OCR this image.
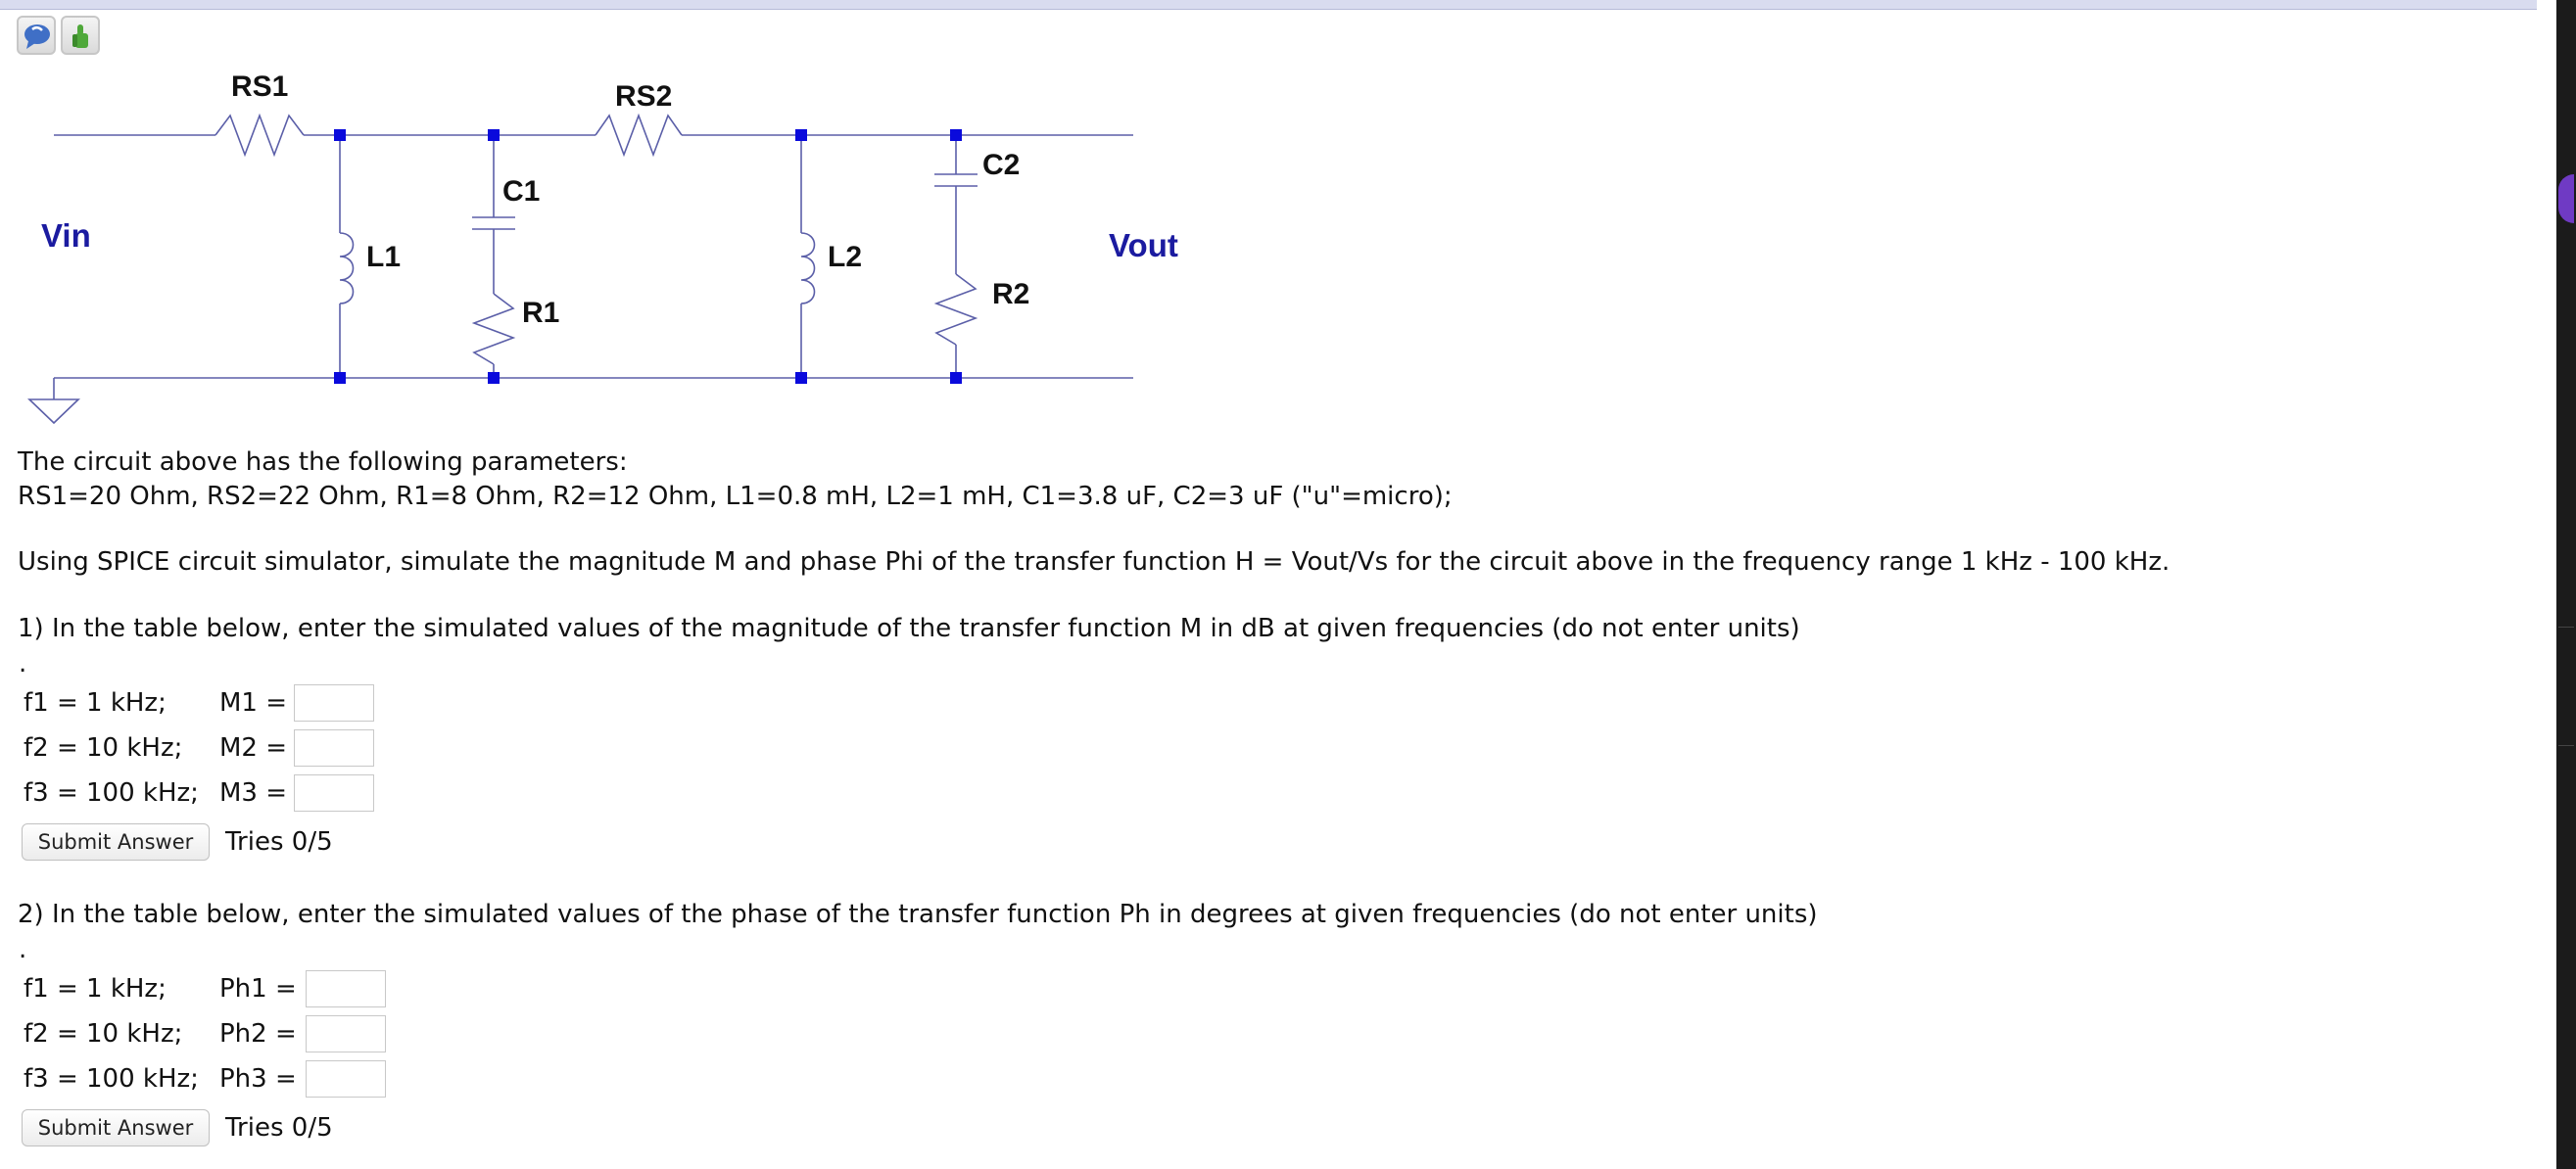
RS1	RS2
C1
C2
L1	L2
R1
R2
Vin	Vout
The circuit above has the following parameters:
RS1=20 Ohm, RS2=22 Ohm, R1=8 Ohm, R2=12 Ohm, L1=0.8 mH, L2=1 mH, C1=3.8 uF, C2=3 uF ("u"=micro);
Using SPICE circuit simulator, simulate the magnitude M and phase Phi of the transfer function H = Vout/Vs for the circuit above in the frequency range 1 kHz - 100 kHz.
1) In the table below, enter the simulated values of the magnitude of the transfer function M in dB at given frequencies (do not enter units)
.
f1 = 1 kHz; M1 =
f2 = 10 kHz; M2 =
f3 = 100 kHz; M3 =
Submit Answer	Tries 0/5
2) In the table below, enter the simulated values of the phase of the transfer function Ph in degrees at given frequencies (do not enter units)
.
f1 = 1 kHz; Ph1 =
f2 = 10 kHz; Ph2 =
f3 = 100 kHz; Ph3 =
Submit Answer	Tries 0/5
